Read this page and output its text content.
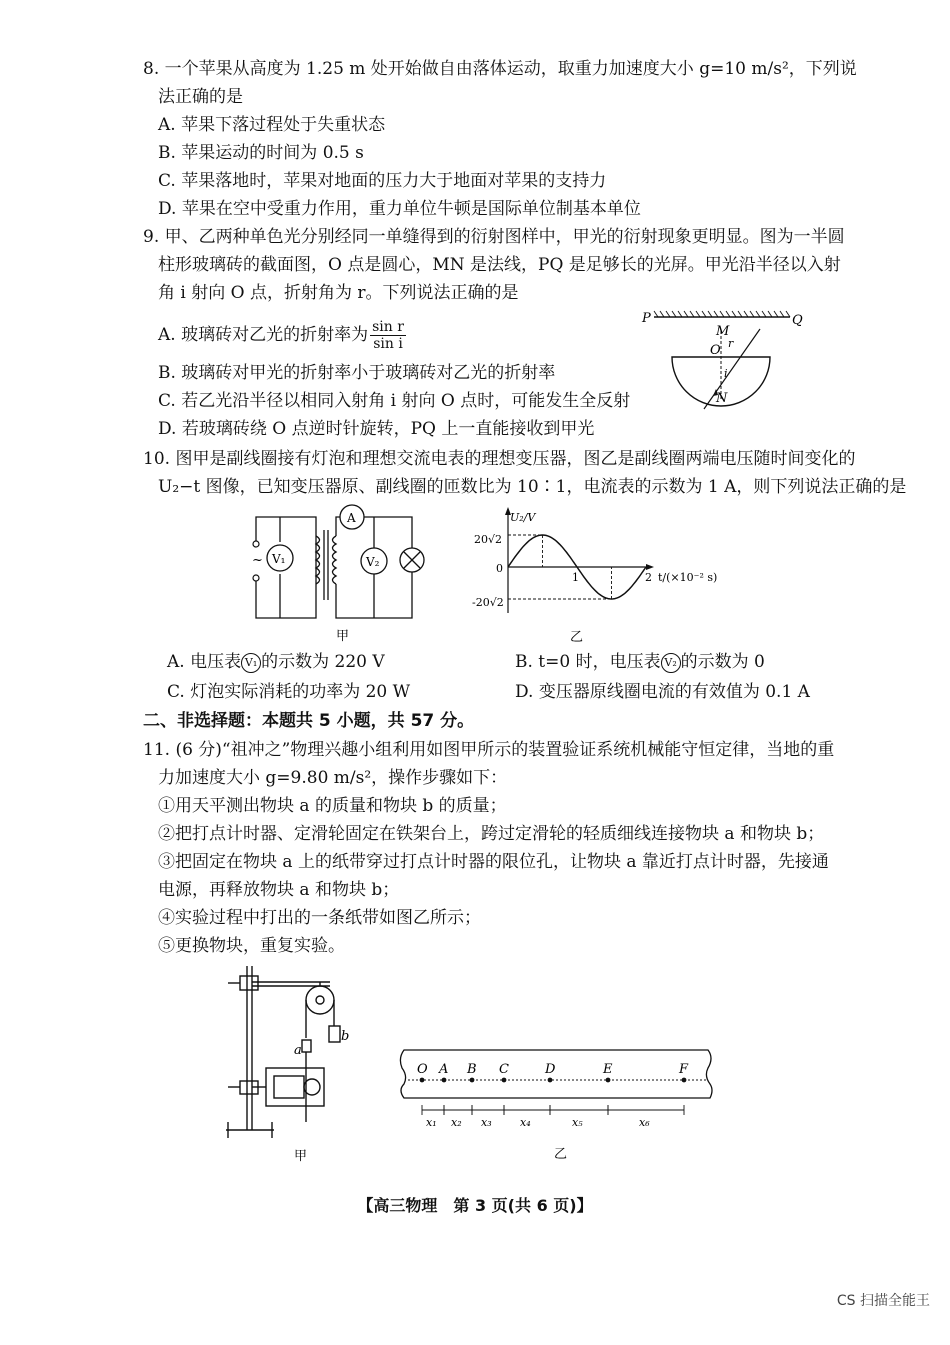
8. 一个苹果从高度为 1.25 m 处开始做自由落体运动，取重力加速度大小 g=10 m/s²，下列说
法正确的是
A. 苹果下落过程处于失重状态
B. 苹果运动的时间为 0.5 s
C. 苹果落地时，苹果对地面的压力大于地面对苹果的支持力
D. 苹果在空中受重力作用，重力单位牛顿是国际单位制基本单位
9. 甲、乙两种单色光分别经同一单缝得到的衍射图样中，甲光的衍射现象更明显。图为一半圆
柱形玻璃砖的截面图，O 点是圆心，MN 是法线，PQ 是足够长的光屏。甲光沿半径以入射
角 i 射向 O 点，折射角为 r。下列说法正确的是
A. 玻璃砖对乙光的折射率为 $\frac{\text{sin r}}{\text{sin i}}$
B. 玻璃砖对甲光的折射率小于玻璃砖对乙光的折射率
C. 若乙光沿半径以相同入射角 i 射向 O 点时，可能发生全反射
D. 若玻璃砖绕 O 点逆时针旋转，PQ 上一直能接收到甲光
P	Q
M
O r
i
N
10. 图甲是副线圈接有灯泡和理想交流电表的理想变压器，图乙是副线圈两端电压随时间变化的
U₂−t 图像，已知变压器原、副线圈的匝数比为 10∶1，电流表的示数为 1 A，则下列说法正确的是
~ V₁
A
V₂
甲
U₂/V
t/(×10⁻² s)
20√2
0
-20√2
1	2
乙
A. 电压表 V₁ 的示数为 220 V	B. t=0 时，电压表 V₂ 的示数为 0
C. 灯泡实际消耗的功率为 20 W	D. 变压器原线圈电流的有效值为 0.1 A
二、非选择题：本题共 5 小题，共 57 分。
11. (6 分)“祖冲之”物理兴趣小组利用如图甲所示的装置验证系统机械能守恒定律，当地的重
力加速度大小 g=9.80 m/s²，操作步骤如下：
①用天平测出物块 a 的质量和物块 b 的质量；
②把打点计时器、定滑轮固定在铁架台上，跨过定滑轮的轻质细线连接物块 a 和物块 b；
③把固定在物块 a 上的纸带穿过打点计时器的限位孔，让物块 a 靠近打点计时器，先接通
电源，再释放物块 a 和物块 b；
④实验过程中打出的一条纸带如图乙所示；
⑤更换物块，重复实验。
b
a
甲
O A B C	D	E	F
x₁ x₂ x₃	x₄	x₅	x₆
乙
【高三物理　第 3 页(共 6 页)】
CS 扫描全能王
